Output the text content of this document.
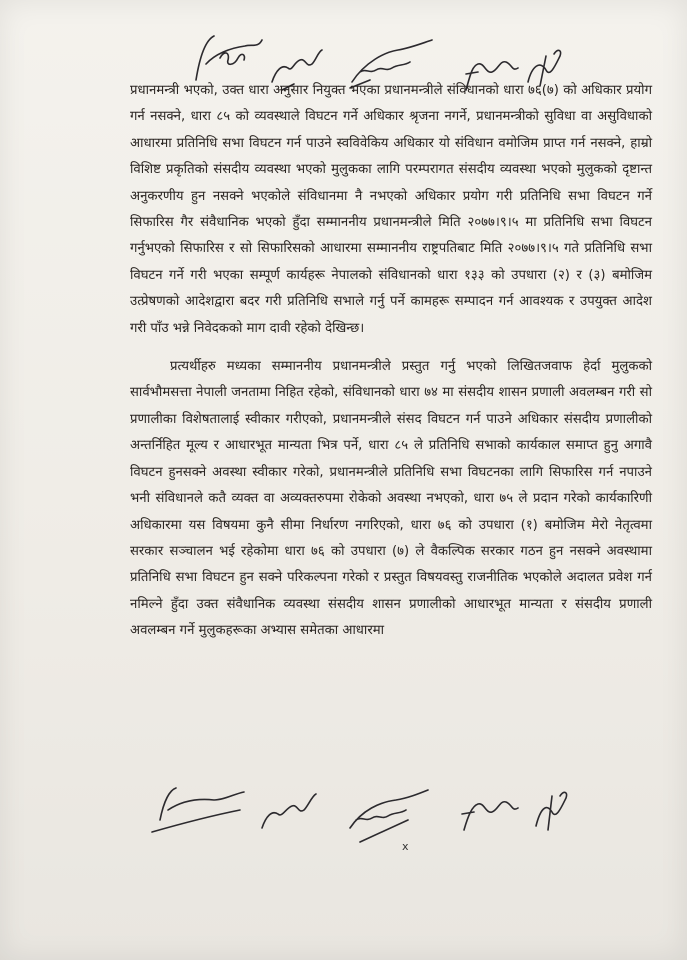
प्रधानमन्त्री भएको, उक्त धारा अनुसार नियुक्त भएका प्रधानमन्त्रीले संविधानको धारा ७६(७) को अधिकार प्रयोग गर्न नसक्ने, धारा ८५ को व्यवस्थाले विघटन गर्ने अधिकार श्रृजना नगर्ने, प्रधानमन्त्रीको सुविधा वा असुविधाको आधारमा प्रतिनिधि सभा विघटन गर्न पाउने स्वविवेकिय अधिकार यो संविधान वमोजिम प्राप्त गर्न नसक्ने, हाम्रो विशिष्ट प्रकृतिको संसदीय व्यवस्था भएको मुलुकका लागि परम्परागत संसदीय व्यवस्था भएको मुलुकको दृष्टान्त अनुकरणीय हुन नसक्ने भएकोले संविधानमा नै नभएको अधिकार प्रयोग गरी प्रतिनिधि सभा विघटन गर्ने सिफारिस गैर संवैधानिक भएको हुँदा सम्माननीय प्रधानमन्त्रीले मिति २०७७।९।५ मा प्रतिनिधि सभा विघटन गर्नुभएको सिफारिस र सो सिफारिसको आधारमा सम्माननीय राष्ट्रपतिबाट मिति २०७७।९।५ गते प्रतिनिधि सभा विघटन गर्ने गरी भएका सम्पूर्ण कार्यहरू नेपालको संविधानको धारा १३३ को उपधारा (२) र (३) बमोजिम उत्प्रेषणको आदेशद्वारा बदर गरी प्रतिनिधि सभाले गर्नु पर्ने कामहरू सम्पादन गर्न आवश्यक र उपयुक्त आदेश गरी पाँउ भन्ने निवेदकको माग दावी रहेको देखिन्छ।

प्रत्यर्थीहरु मध्यका सम्माननीय प्रधानमन्त्रीले प्रस्तुत गर्नु भएको लिखितजवाफ हेर्दा मुलुकको सार्वभौमसत्ता नेपाली जनतामा निहित रहेको, संविधानको धारा ७४ मा संसदीय शासन प्रणाली अवलम्बन गरी सो प्रणालीका विशेषतालाई स्वीकार गरीएको, प्रधानमन्त्रीले संसद विघटन गर्न पाउने अधिकार संसदीय प्रणालीको अन्तर्निहित मूल्य र आधारभूत मान्यता भित्र पर्ने, धारा ८५ ले प्रतिनिधि सभाको कार्यकाल समाप्त हुनु अगावै विघटन हुनसक्ने अवस्था स्वीकार गरेको, प्रधानमन्त्रीले प्रतिनिधि सभा विघटनका लागि सिफारिस गर्न नपाउने भनी संविधानले कतै व्यक्त वा अव्यक्तरुपमा रोकेको अवस्था नभएको, धारा ७५ ले प्रदान गरेको कार्यकारिणी अधिकारमा यस विषयमा कुनै सीमा निर्धारण नगरिएको, धारा ७६ को उपधारा (१) बमोजिम मेरो नेतृत्वमा सरकार सञ्चालन भई रहेकोमा धारा ७६ को उपधारा (७) ले वैकल्पिक सरकार गठन हुन नसक्ने अवस्थामा प्रतिनिधि सभा विघटन हुन सक्ने परिकल्पना गरेको र प्रस्तुत विषयवस्तु राजनीतिक भएकोले अदालत प्रवेश गर्न नमिल्ने हुँदा उक्त संवैधानिक व्यवस्था संसदीय शासन प्रणालीको आधारभूत मान्यता र संसदीय प्रणाली अवलम्बन गर्ने मुलुकहरूका अभ्यास समेतका आधारमा

x
